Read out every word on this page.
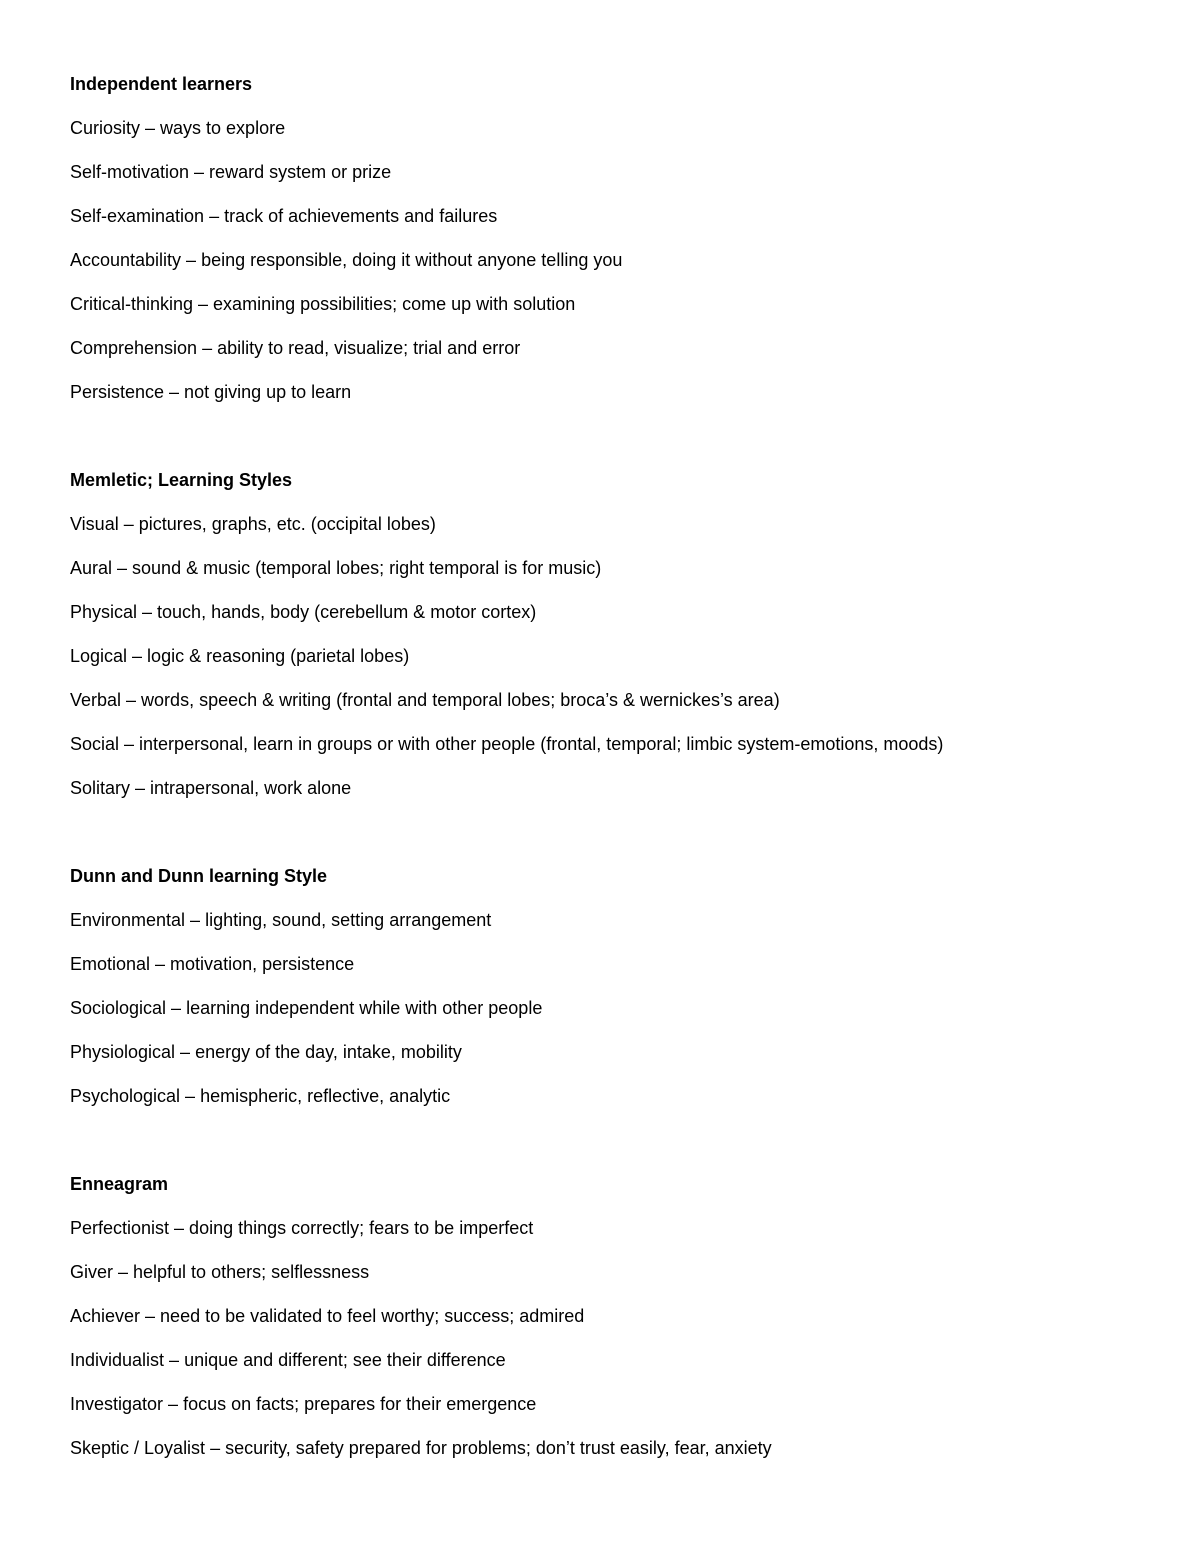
Independent learners
Curiosity – ways to explore
Self-motivation – reward system or prize
Self-examination – track of achievements and failures
Accountability – being responsible, doing it without anyone telling you
Critical-thinking – examining possibilities; come up with solution
Comprehension – ability to read, visualize; trial and error
Persistence – not giving up to learn
Memletic; Learning Styles
Visual – pictures, graphs, etc. (occipital lobes)
Aural – sound & music (temporal lobes; right temporal is for music)
Physical – touch, hands, body (cerebellum & motor cortex)
Logical – logic & reasoning (parietal lobes)
Verbal – words, speech & writing (frontal and temporal lobes; broca’s & wernickes’s area)
Social – interpersonal, learn in groups or with other people (frontal, temporal; limbic system-emotions, moods)
Solitary – intrapersonal, work alone
Dunn and Dunn learning Style
Environmental – lighting, sound, setting arrangement
Emotional – motivation, persistence
Sociological – learning independent while with other people
Physiological – energy of the day, intake, mobility
Psychological – hemispheric, reflective, analytic
Enneagram
Perfectionist – doing things correctly; fears to be imperfect
Giver – helpful to others; selflessness
Achiever – need to be validated to feel worthy; success; admired
Individualist – unique and different; see their difference
Investigator – focus on facts; prepares for their emergence
Skeptic / Loyalist – security, safety prepared for problems; don’t trust easily, fear, anxiety
